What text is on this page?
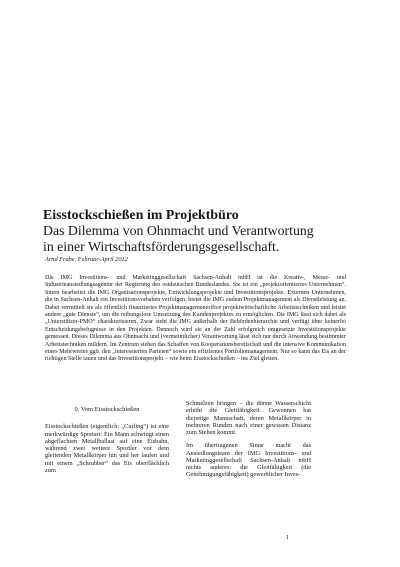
Eisstockschießen im Projektbüro

Das Dilemma von Ohnmacht und Verantwortung

in einer Wirtschaftsförderungsgesellschaft.

Arnd Frabe, Februar-April 2012

Die IMG Investitions- und Marketinggesellschaft Sachsen-Anhalt mbH ist die Kreativ-, Messe- und Industrieansiedlungsagentur der Regierung des ostdeutschen Bundeslandes. Sie ist ein „projektorientiertes Unternehmen“. Intern bearbeitet die IMG Organisationsprojekte, Entwicklungsprojekte und Investitionsprojekte. Externen Unternehmen, die in Sachsen-Anhalt ein Investitionsvorhaben verfolgen, bietet die IMG zudem Projektmanagement als Dienstleistung an. Dabei vermittelt sie als öffentlich finanziertes Projektmanagementoffice projektwirtschaftliche Arbeitstechniken und leistet andere „gute Dienste“, um die reibungslose Umsetzung des Kundenprojektes zu ermöglichen. Die IMG lässt sich dabei als „Unterstützer-PMO“ charakterisieren. Zwar steht die IMG außerhalb der Behördenhierarchie und verfügt über keinerlei Entscheidungsbefugnisse in den Projekten. Dennoch wird sie an der Zahl erfolgreich umgesetzte Investitionsprojekte gemessen. Dieses Dilemma aus Ohnmacht und (vermeintlicher) Verantwortung lässt sich nur durch Anwendung bestimmter Arbeitstechniken mildern. Im Zentrum stehen das Schaffen von Kooperationsbereitschaft und die intensive Kommunikation eines Mehrwertes ggü. den „interessierten Parteien“ sowie ein effizientes Portfoliomanagement. Nur so kann das Eis an der richtigen Stelle tauen und das Investitionsprojekt – wie beim Eisstockschießen – ins Ziel gleiten.

0. Vom Eisstockschießen

Eisstockschießen (eigentlich: „Curling“) ist eine merkwürdige Sportart: Ein Mann schwingt einen abgeflachten Metallballast auf eine Eisbahn, während zwei weitere Sportler vor dem gleitenden Metallkörper hin und her laufen und mit einem „Schrubber“ das Eis oberflächlich zum

Schmelzen bringen – die dünne Wasserschicht erhöht die Gleitfähigkeit. Gewonnen hat diejenige Mannschaft, deren Metallkörper in mehreren Runden nach einer gewissen Distanz zum Stehen kommt.

Im übertragenen Sinne macht das Ansiedlungsteam der IMG Investitions- und Marketinggesellschaft Sachsen-Anhalt mbH nichts anderes: die Gleitfähigkeit (die Genehmigungsfähigkeit) gewerblicher Inves-

1
